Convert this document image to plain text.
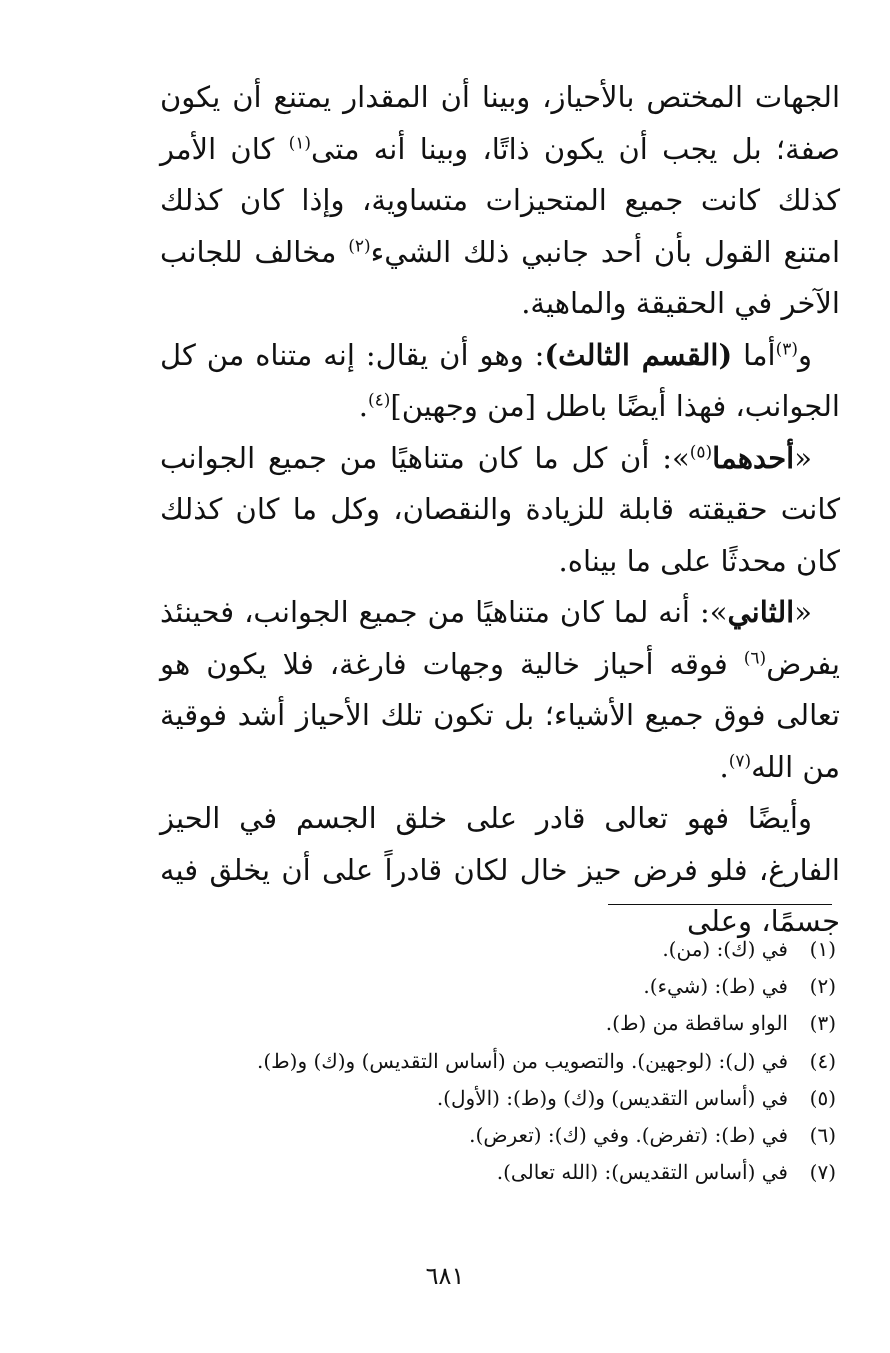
الجهات المختص بالأحياز، وبينا أن المقدار يمتنع أن يكون صفة؛ بل يجب أن يكون ذاتًا، وبينا أنه متى$^{(١)}$ كان الأمر كذلك كانت جميع المتحيزات متساوية، وإذا كان كذلك امتنع القول بأن أحد جانبي ذلك الشيء$^{(٢)}$ مخالف للجانب الآخر في الحقيقة والماهية.

و$^{(٣)}$أما (القسم الثالث): وهو أن يقال: إنه متناه من كل الجوانب، فهذا أيضًا باطل [من وجهين]$^{(٤)}$.

«أحدهما$^{(٥)}$»: أن كل ما كان متناهيًا من جميع الجوانب كانت حقيقته قابلة للزيادة والنقصان، وكل ما كان كذلك كان محدثًا على ما بيناه.

«الثاني»: أنه لما كان متناهيًا من جميع الجوانب، فحينئذ يفرض$^{(٦)}$ فوقه أحياز خالية وجهات فارغة، فلا يكون هو تعالى فوق جميع الأشياء؛ بل تكون تلك الأحياز أشد فوقية من الله$^{(٧)}$.

وأيضًا فهو تعالى قادر على خلق الجسم في الحيز الفارغ، فلو فرض حيز خال لكان قادراً على أن يخلق فيه جسمًا، وعلى

(١)
في (ك): (من).
(٢)
في (ط): (شيء).
(٣)
الواو ساقطة من (ط).
(٤)
في (ل): (لوجهين). والتصويب من (أساس التقديس) و(ك) و(ط).
(٥)
في (أساس التقديس) و(ك) و(ط): (الأول).
(٦)
في (ط): (تفرض). وفي (ك): (تعرض).
(٧)
في (أساس التقديس): (الله تعالى).
٦٨١
